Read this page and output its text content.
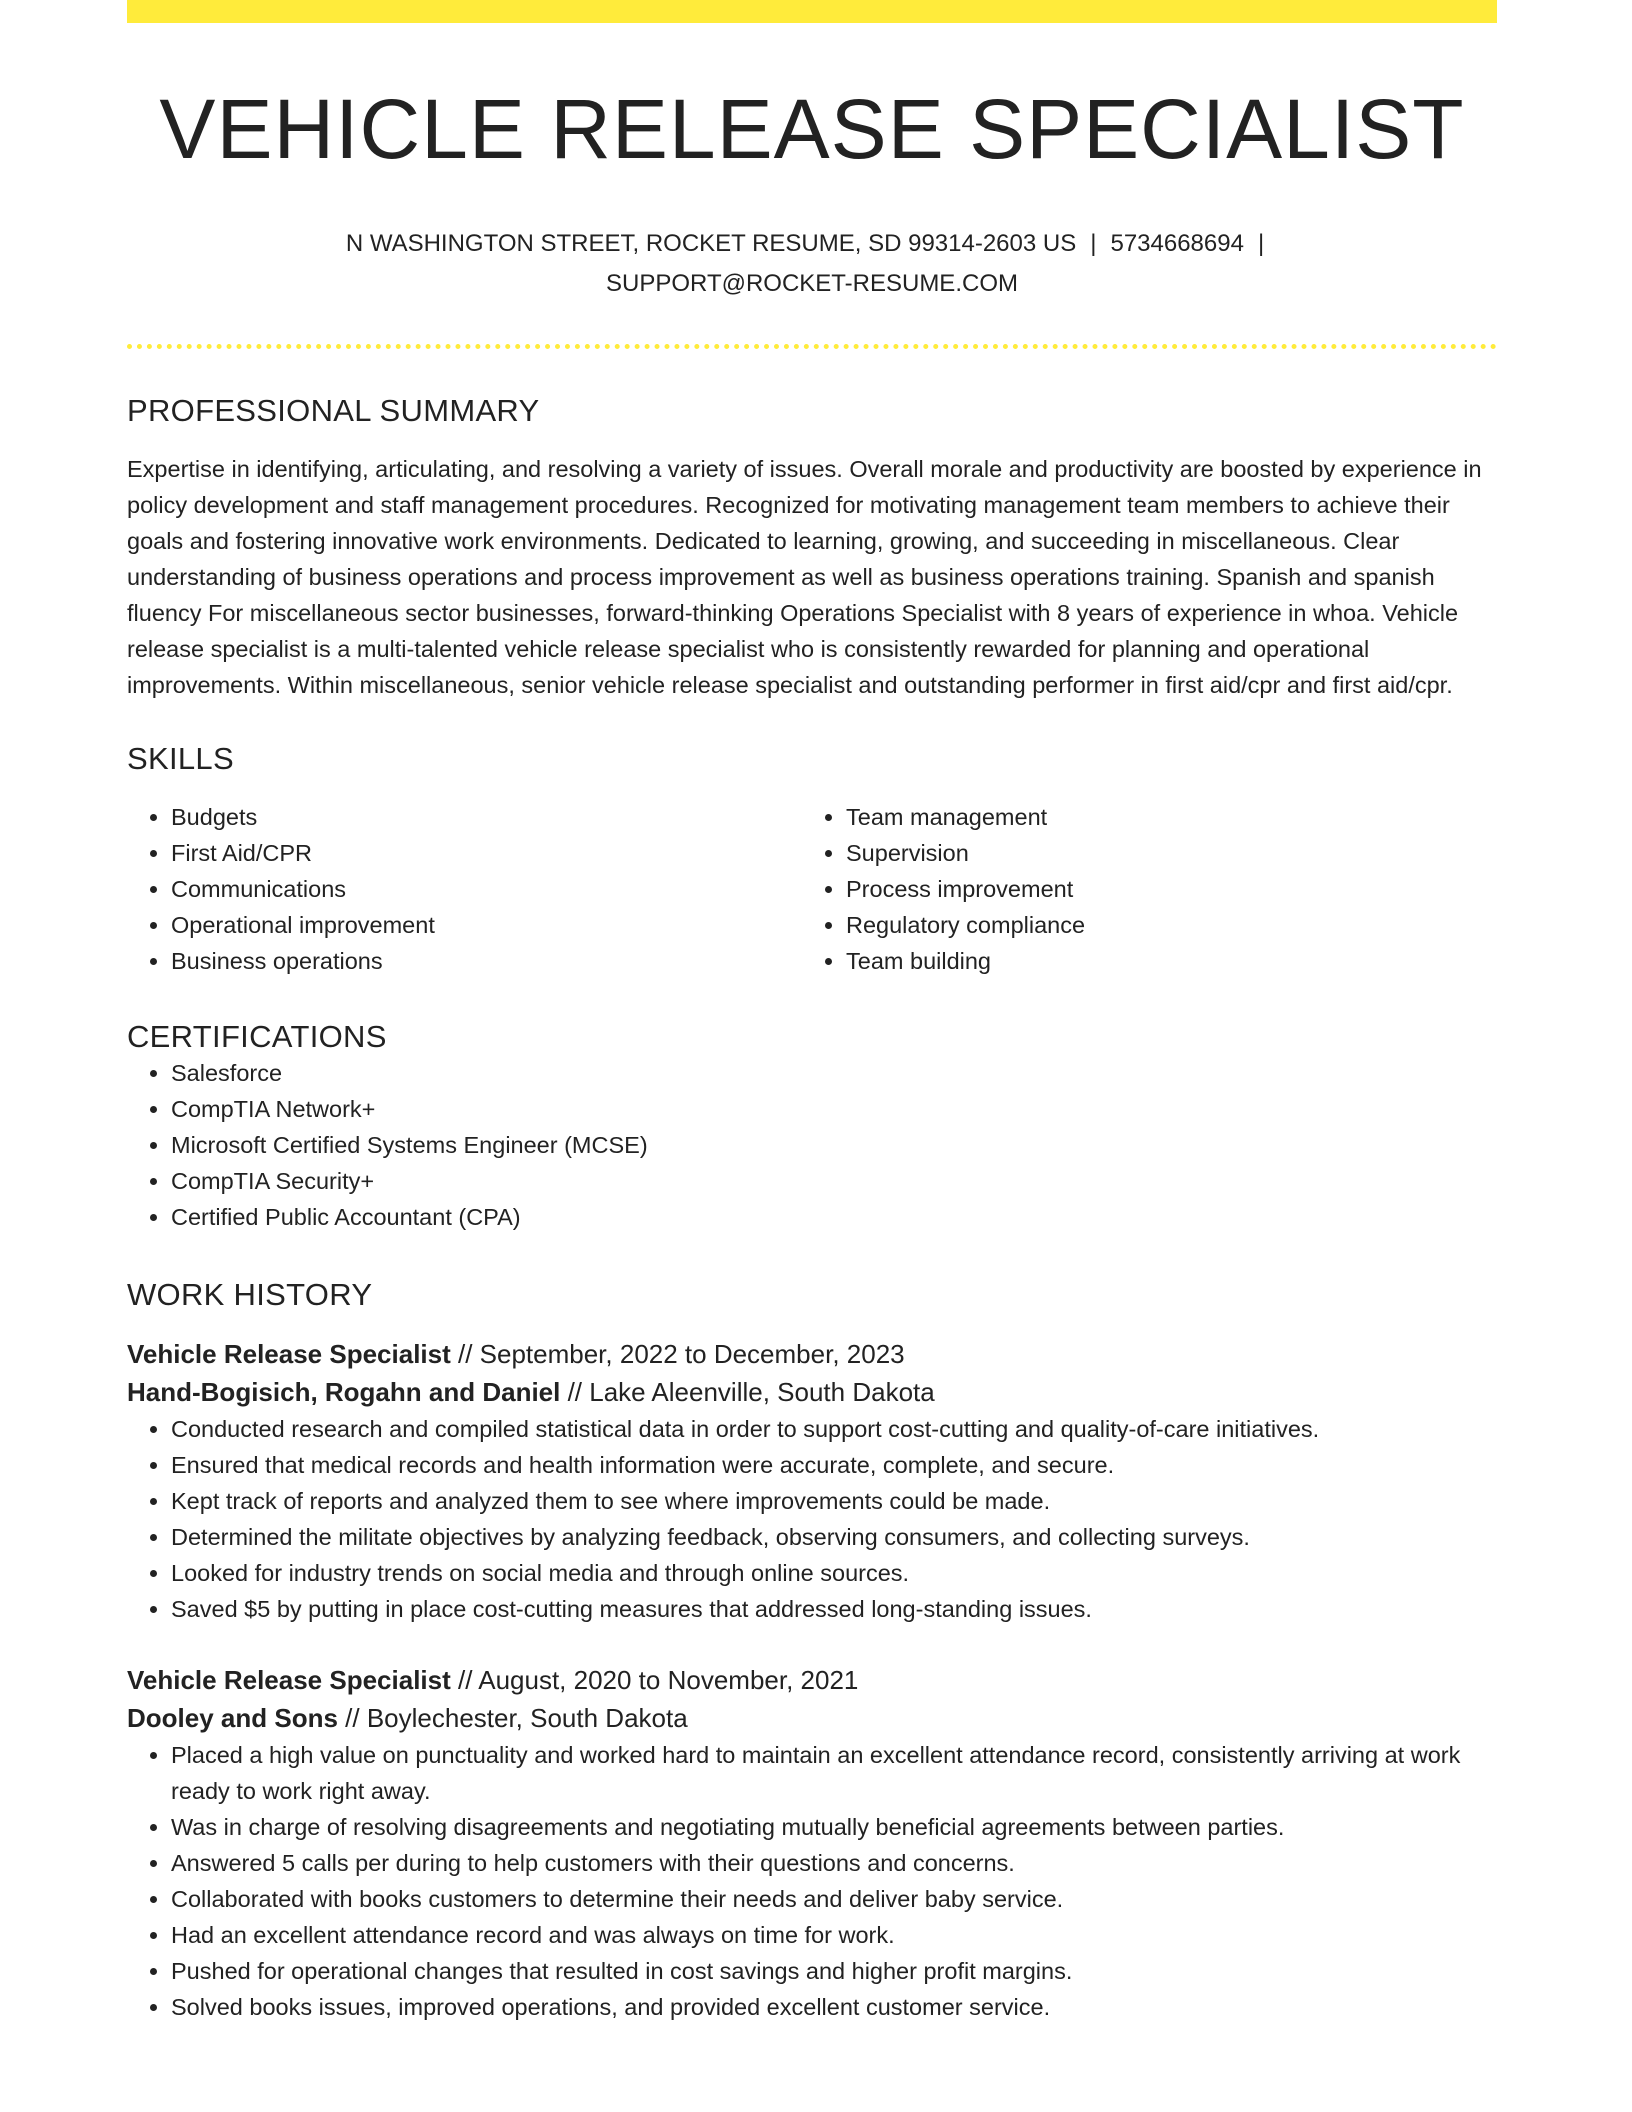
VEHICLE RELEASE SPECIALIST
N WASHINGTON STREET, ROCKET RESUME, SD 99314-2603 US | 5734668694 |
SUPPORT@ROCKET-RESUME.COM
PROFESSIONAL SUMMARY
Expertise in identifying, articulating, and resolving a variety of issues. Overall morale and productivity are boosted by experience in policy development and staff management procedures. Recognized for motivating management team members to achieve their goals and fostering innovative work environments. Dedicated to learning, growing, and succeeding in miscellaneous. Clear understanding of business operations and process improvement as well as business operations training. Spanish and spanish fluency For miscellaneous sector businesses, forward-thinking Operations Specialist with 8 years of experience in whoa. Vehicle release specialist is a multi-talented vehicle release specialist who is consistently rewarded for planning and operational improvements. Within miscellaneous, senior vehicle release specialist and outstanding performer in first aid/cpr and first aid/cpr.
SKILLS
• Budgets
• First Aid/CPR
• Communications
• Operational improvement
• Business operations
• Team management
• Supervision
• Process improvement
• Regulatory compliance
• Team building
CERTIFICATIONS
• Salesforce
• CompTIA Network+
• Microsoft Certified Systems Engineer (MCSE)
• CompTIA Security+
• Certified Public Accountant (CPA)
WORK HISTORY
Vehicle Release Specialist // September, 2022 to December, 2023
Hand-Bogisich, Rogahn and Daniel // Lake Aleenville, South Dakota
• Conducted research and compiled statistical data in order to support cost-cutting and quality-of-care initiatives.
• Ensured that medical records and health information were accurate, complete, and secure.
• Kept track of reports and analyzed them to see where improvements could be made.
• Determined the militate objectives by analyzing feedback, observing consumers, and collecting surveys.
• Looked for industry trends on social media and through online sources.
• Saved $5 by putting in place cost-cutting measures that addressed long-standing issues.
Vehicle Release Specialist // August, 2020 to November, 2021
Dooley and Sons // Boylechester, South Dakota
• Placed a high value on punctuality and worked hard to maintain an excellent attendance record, consistently arriving at work ready to work right away.
• Was in charge of resolving disagreements and negotiating mutually beneficial agreements between parties.
• Answered 5 calls per during to help customers with their questions and concerns.
• Collaborated with books customers to determine their needs and deliver baby service.
• Had an excellent attendance record and was always on time for work.
• Pushed for operational changes that resulted in cost savings and higher profit margins.
• Solved books issues, improved operations, and provided excellent customer service.
